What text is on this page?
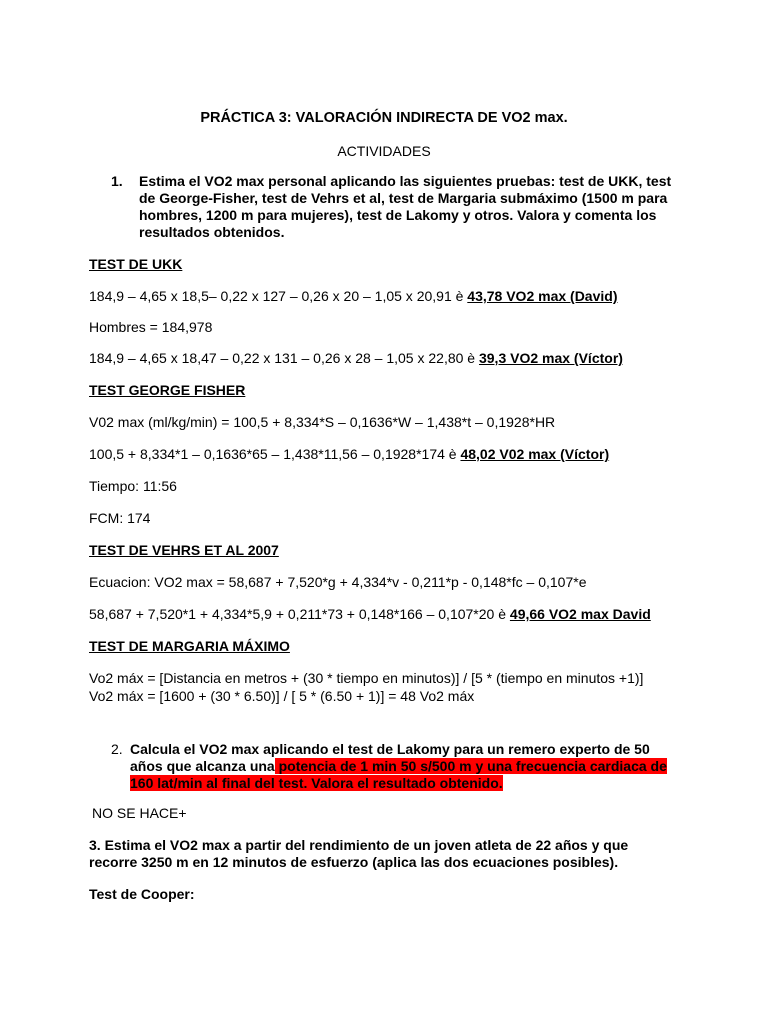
PRÁCTICA 3: VALORACIÓN INDIRECTA DE VO2 max.
ACTIVIDADES
1. Estima el VO2 max personal aplicando las siguientes pruebas: test de UKK, test de George-Fisher, test de Vehrs et al, test de Margaria submáximo (1500 m para hombres, 1200 m para mujeres), test de Lakomy y otros. Valora y comenta los resultados obtenidos.
TEST DE UKK
184,9 – 4,65 x 18,5– 0,22 x 127 – 0,26 x 20 – 1,05 x 20,91 è 43,78 VO2 max (David)
Hombres = 184,978
184,9 – 4,65 x 18,47 – 0,22 x 131 – 0,26 x 28 – 1,05 x 22,80 è 39,3 VO2 max (Víctor)
TEST GEORGE FISHER
V02 max (ml/kg/min) = 100,5 + 8,334*S – 0,1636*W – 1,438*t – 0,1928*HR
100,5 + 8,334*1 – 0,1636*65 – 1,438*11,56 – 0,1928*174 è 48,02 V02 max (Víctor)
Tiempo: 11:56
FCM: 174
TEST DE VEHRS ET AL 2007
Ecuacion: VO2 max = 58,687 + 7,520*g + 4,334*v - 0,211*p - 0,148*fc – 0,107*e
58,687 + 7,520*1 + 4,334*5,9 + 0,211*73 + 0,148*166 – 0,107*20 è 49,66 VO2 max David
TEST DE MARGARIA MÁXIMO
Vo2 máx = [Distancia en metros + (30 * tiempo en minutos)] / [5 * (tiempo en minutos +1)]
Vo2 máx = [1600 + (30 * 6.50)] / [ 5 * (6.50 + 1)] = 48 Vo2 máx
2. Calcula el VO2 max aplicando el test de Lakomy para un remero experto de 50 años que alcanza una potencia de 1 min 50 s/500 m y una frecuencia cardiaca de 160 lat/min al final del test. Valora el resultado obtenido.
NO SE HACE+
3. Estima el VO2 max a partir del rendimiento de un joven atleta de 22 años y que recorre 3250 m en 12 minutos de esfuerzo (aplica las dos ecuaciones posibles).
Test de Cooper:
